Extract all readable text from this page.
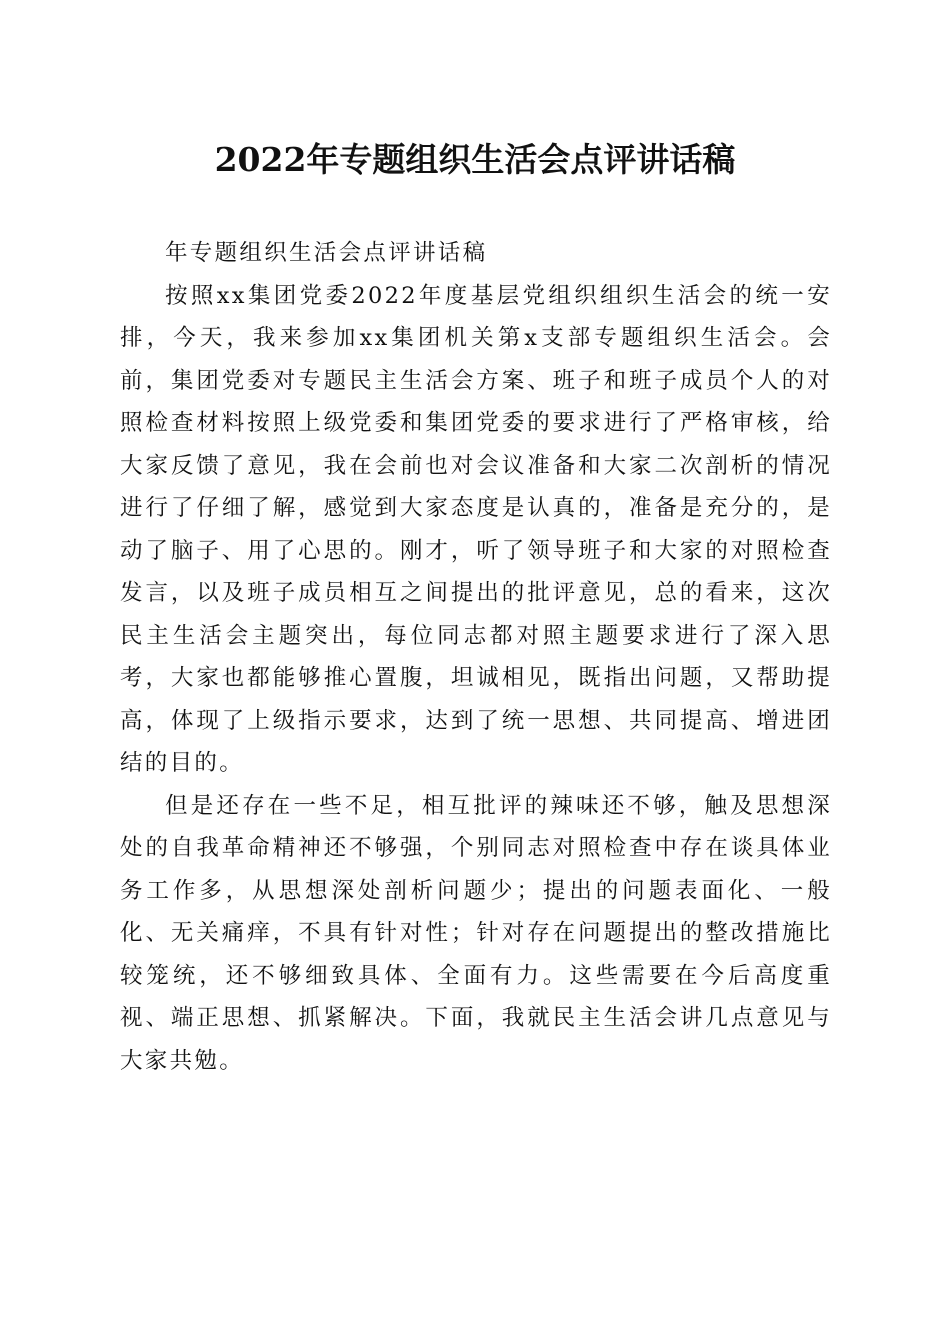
2022年专题组织生活会点评讲话稿

年专题组织生活会点评讲话稿

按照xx集团党委2022年度基层党组织组织生活会的统一安排，今天，我来参加xx集团机关第x支部专题组织生活会。会前，集团党委对专题民主生活会方案、班子和班子成员个人的对照检查材料按照上级党委和集团党委的要求进行了严格审核，给大家反馈了意见，我在会前也对会议准备和大家二次剖析的情况进行了仔细了解，感觉到大家态度是认真的，准备是充分的，是动了脑子、用了心思的。刚才，听了领导班子和大家的对照检查发言，以及班子成员相互之间提出的批评意见，总的看来，这次民主生活会主题突出，每位同志都对照主题要求进行了深入思考，大家也都能够推心置腹，坦诚相见，既指出问题，又帮助提高，体现了上级指示要求，达到了统一思想、共同提高、增进团结的目的。

但是还存在一些不足，相互批评的辣味还不够，触及思想深处的自我革命精神还不够强，个别同志对照检查中存在谈具体业务工作多，从思想深处剖析问题少；提出的问题表面化、一般化、无关痛痒，不具有针对性；针对存在问题提出的整改措施比较笼统，还不够细致具体、全面有力。这些需要在今后高度重视、端正思想、抓紧解决。下面，我就民主生活会讲几点意见与大家共勉。
